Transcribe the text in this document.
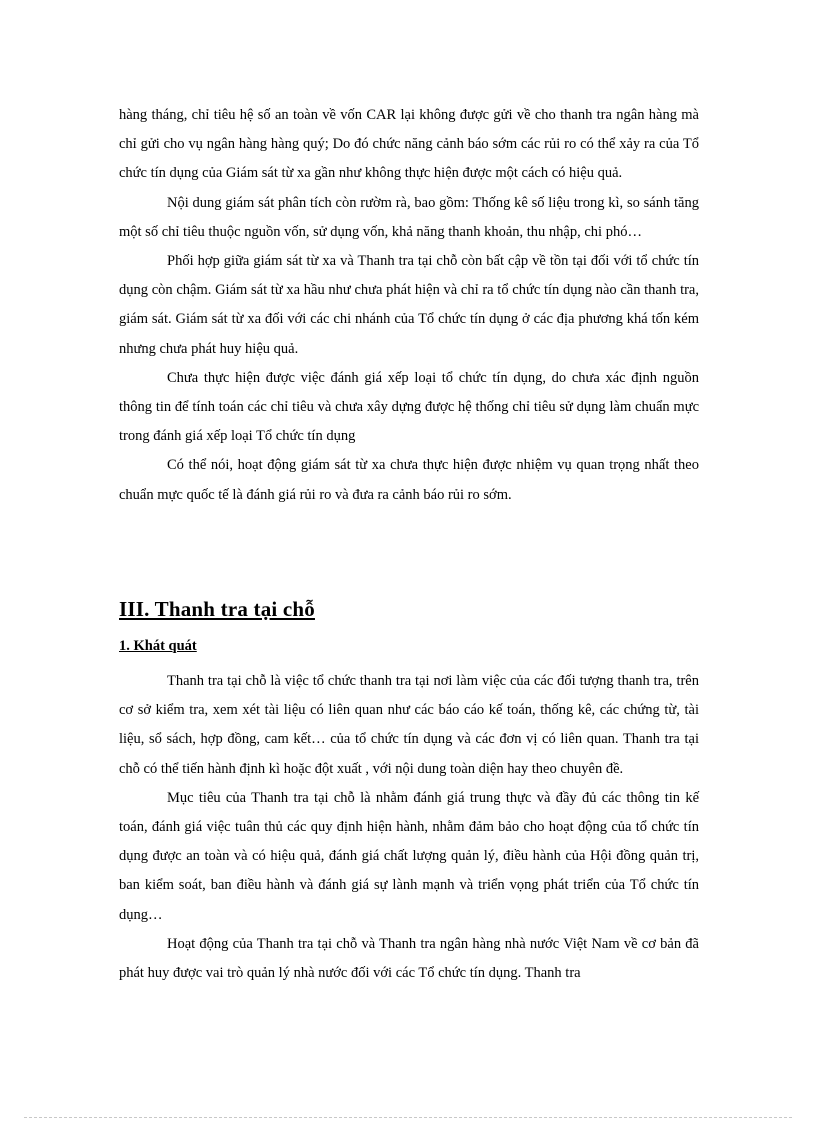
hàng tháng, chỉ tiêu hệ số an toàn về vốn CAR lại không được gửi về cho thanh tra ngân hàng mà chỉ gửi cho vụ ngân hàng hàng quý; Do đó chức năng cảnh báo sớm các rủi ro có thể xảy ra của Tổ chức tín dụng của Giám sát từ xa gần như không thực hiện được một cách có hiệu quả.

Nội dung giám sát phân tích còn rườm rà, bao gồm: Thống kê số liệu trong kì, so sánh tăng một số chỉ tiêu thuộc nguồn vốn, sử dụng vốn, khả năng thanh khoản, thu nhập, chi phó…

Phối hợp giữa giám sát từ xa và Thanh tra tại chỗ còn bất cập về tồn tại đối với tổ chức tín dụng còn chậm. Giám sát từ xa hầu như chưa phát hiện và chỉ ra tổ chức tín dụng nào cần thanh tra, giám sát. Giám sát từ xa đối với các chi nhánh của Tổ chức tín dụng ở các địa phương khá tốn kém nhưng chưa phát huy hiệu quả.

Chưa thực hiện được việc đánh giá xếp loại tổ chức tín dụng, do chưa xác định nguồn thông tin để tính toán các chỉ tiêu và chưa xây dựng được hệ thống chỉ tiêu sử dụng làm chuẩn mực trong đánh giá xếp loại Tổ chức tín dụng

Có thể nói, hoạt động giám sát từ xa chưa thực hiện được nhiệm vụ quan trọng nhất theo chuẩn mực quốc tế là đánh giá rủi ro và đưa ra cảnh báo rủi ro sớm.

III. Thanh tra tại chỗ
1. Khát quát

Thanh tra tại chỗ là việc tổ chức thanh tra tại nơi làm việc của các đối tượng thanh tra, trên cơ sở kiểm tra, xem xét tài liệu có liên quan như các báo cáo kế toán, thống kê, các chứng từ, tài liệu, sổ sách, hợp đồng, cam kết… của tổ chức tín dụng và các đơn vị có liên quan. Thanh tra tại chỗ có thể tiến hành định kì hoặc đột xuất , với nội dung toàn diện hay theo chuyên đề.

Mục tiêu của Thanh tra tại chỗ là nhằm đánh giá trung thực và đầy đủ các thông tin kế toán, đánh giá việc tuân thủ các quy định hiện hành, nhằm đảm bảo cho hoạt động của tổ chức tín dụng được an toàn và có hiệu quả, đánh giá chất lượng quản lý, điều hành của Hội đồng quản trị, ban kiểm soát, ban điều hành và đánh giá sự lành mạnh và triển vọng phát triển của Tổ chức tín dụng…

Hoạt động của Thanh tra tại chỗ và Thanh tra ngân hàng nhà nước Việt Nam về cơ bản đã phát huy được vai trò quản lý nhà nước đối với các Tổ chức tín dụng. Thanh tra
